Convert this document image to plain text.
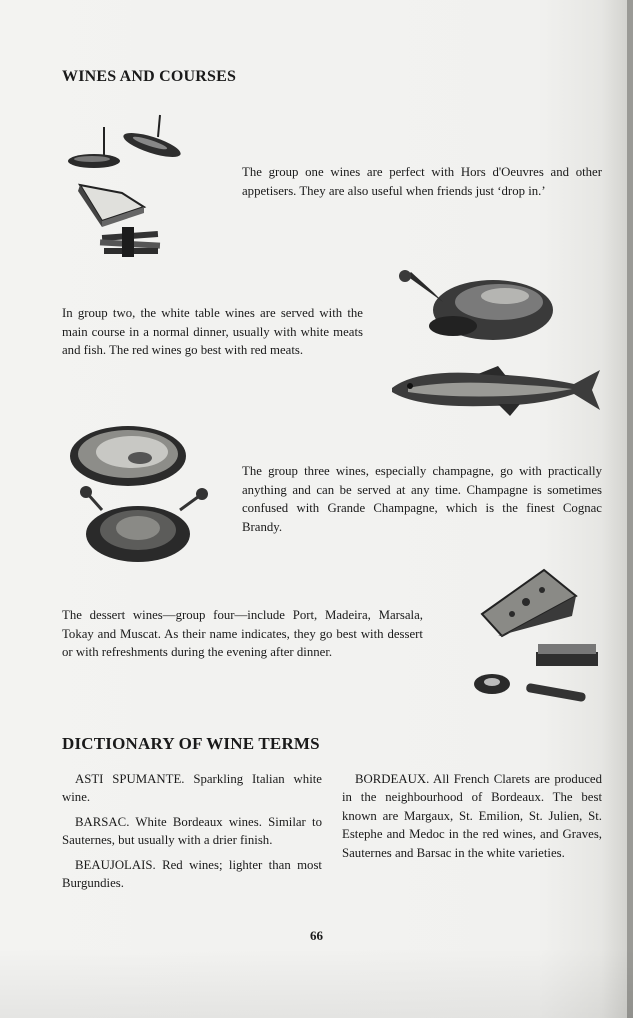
WINES AND COURSES

The group one wines are perfect with Hors d'Oeuvres and other appetisers. They are also useful when friends just ‘drop in.’

In group two, the white table wines are served with the main course in a normal dinner, usually with white meats and fish. The red wines go best with red meats.

The group three wines, especially champagne, go with practically anything and can be served at any time. Champagne is sometimes confused with Grande Champagne, which is the finest Cognac Brandy.

The dessert wines—group four—include Port, Madeira, Marsala, Tokay and Muscat. As their name indicates, they go best with dessert or with refreshments during the evening after dinner.

DICTIONARY OF WINE TERMS

ASTI SPUMANTE. Sparkling Italian white wine.

BARSAC. White Bordeaux wines. Similar to Sauternes, but usually with a drier finish.

BEAUJOLAIS. Red wines; lighter than most Burgundies.

BORDEAUX. All French Clarets are produced in the neighbourhood of Bordeaux. The best known are Margaux, St. Emilion, St. Julien, St. Estephe and Medoc in the red wines, and Graves, Sauternes and Barsac in the white varieties.

66
